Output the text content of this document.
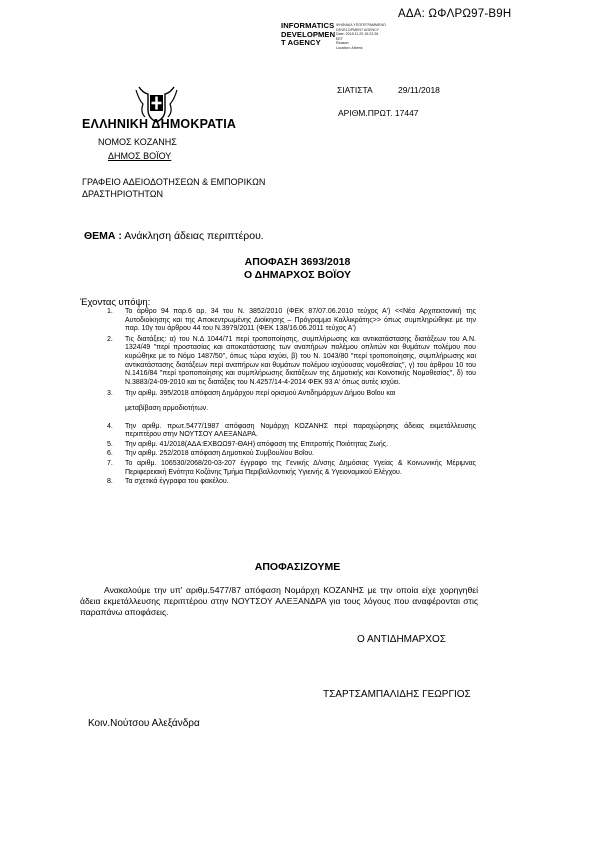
ΑΔΑ: ΩΦΛΡΩ97-Β9Η
INFORMATICS
DEVELOPMEN
T AGENCY
ΨΗΦΙΑΚΑ ΥΠΟΓΕΓΡΑΜΜΕΝΟ
DEVELOPMENT AGENCY
Date: 2018.11.29 15:22:26
EET
Reason:
Location: Athens
ΕΛΛΗΝΙΚΗ ΔΗΜΟΚΡΑΤΙΑ
ΝΟΜΟΣ ΚΟΖΑΝΗΣ
ΔΗΜΟΣ ΒΟΪΟΥ
ΓΡΑΦΕΙΟ ΑΔΕΙΟΔΟΤΗΣΕΩΝ & ΕΜΠΟΡΙΚΩΝ
ΔΡΑΣΤΗΡΙΟΤΗΤΩΝ
ΣΙΑΤΙΣΤΑ	29/11/2018
ΑΡΙΘΜ.ΠΡΩΤ. 17447
ΘΕΜΑ : Ανάκληση άδειας περιπτέρου.
ΑΠΟΦΑΣΗ 3693/2018
Ο ΔΗΜΑΡΧΟΣ ΒΟΪΟΥ
Έχοντας υπόψη:
1. Το άρθρο 94 παρ.6 αρ. 34 του Ν. 3852/2010 (ΦΕΚ 87/07.06.2010 τεύχος Α') <<Νέα Αρχιτεκτονική της Αυτοδιοίκησης και της Αποκεντρωμένης Διοίκησης – Πρόγραμμα Καλλικράτης>> όπως συμπληρώθηκε με την παρ. 10γ του άρθρου 44 του Ν.3979/2011 (ΦΕΚ 138/16.06.2011 τεύχος Α')
2. Τις διατάξεις: α) του Ν.Δ 1044/71 περί τροποποίησης, συμπλήρωσης και αντικατάστασης διατάξεων του Α.Ν. 1324/49 "περί προστασίας και αποκατάστασης των αναπήρων πολέμου οπλιτών και θυμάτων πολέμου που κυρώθηκε με το Νόμο 1487/50", όπως τώρα ισχύει, β) του Ν. 1043/80 "περί τροποποίησης, συμπλήρωσης και αντικατάστασης διατάξεων περί αναπήρων και θυμάτων πολέμου ισχύουσας νομοθεσίας", γ) του άρθρου 10 του Ν.1416/84 "περί τροποποίησης και συμπλήρωσης διατάξεων της Δημοτικής και Κοινοτικής Νομοθεσίας", δ) του Ν.3883/24-09-2010 και τις διατάξεις του Ν.4257/14-4-2014 ΦΕΚ 93 Α' όπως αυτές ισχύει.
3. Την αριθμ. 395/2018 απόφαση Δημάρχου περί ορισμού Αντιδημάρχων Δήμου Βοΐου και
μεταβίβαση αρμοδιοτήτων.
4. Την αριθμ. πρωτ.5477/1987 απόφαση Νομάρχη ΚΟΖΑΝΗΣ περί παραχώρησης άδειας εκμετάλλευσης περιπτέρου στην ΝΟΥΤΣΟΥ ΑΛΕΞΑΝΔΡΑ.
5. Την αριθμ. 41/2018(ΑΔΑ:ΕΧΒΩΩ97-ΘΑΗ) απόφαση της Επιτροπής Ποιότητας Ζωής.
6. Την αριθμ. 252/2018 απόφαση Δημοτικού Συμβουλίου Βοΐου.
7. Το αριθμ. 106530/2068/20-03-207 έγγραφο της Γενικής Δ/νσης Δημόσιας Υγείας & Κοινωνικής Μέριμνας Περιφερειακή Ενότητα Κοζάνης Τμήμα Περιβαλλοντικής Υγιεινής & Υγειονομικού Ελέγχου.
8. Τα σχετικά έγγραφα του φακέλου.
ΑΠΟΦΑΣΙΖΟΥΜΕ
Ανακαλούμε την υπ' αριθμ.5477/87 απόφαση Νομάρχη ΚΟΖΑΝΗΣ με την οποία είχε χορηγηθεί άδεια εκμετάλλευσης περιπτέρου στην ΝΟΥΤΣΟΥ ΑΛΕΞΑΝΔΡΑ για τους λόγους που αναφέρονται στις παραπάνω αποφάσεις.
Ο ΑΝΤΙΔΗΜΑΡΧΟΣ
ΤΣΑΡΤΣΑΜΠΑΛΙΔΗΣ ΓΕΩΡΓΙΟΣ
Κοιν.Νούτσου Αλεξάνδρα
